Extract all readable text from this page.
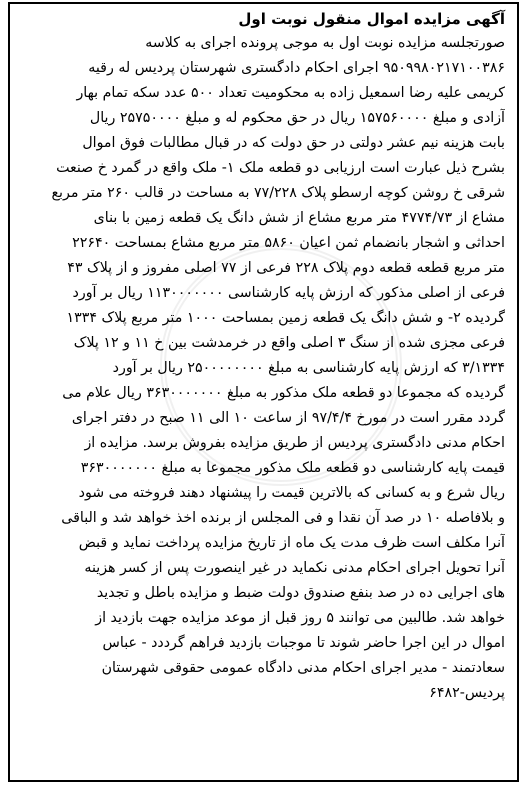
آگهی مزایده اموال منقول نوبت اول
صورتجلسه مزایده نوبت اول به موجی پرونده اجرای به کلاسه
۹۵۰۹۹۸۰۲۱۷۱۰۰۳۸۶ اجرای احکام دادگستری شهرستان پردیس له رقیه
کریمی علیه رضا اسمعیل زاده به محکومیت تعداد ۵۰۰ عدد سکه تمام بهار
آزادی و مبلغ ۱۵۷۵۶۰۰۰۰ ریال در حق محکوم له و مبلغ ۲۵۷۵۰۰۰۰ ریال
بابت هزینه نیم عشر دولتی در حق دولت که در قبال مطالبات فوق اموال
بشرح ذیل عبارت است ارزیابی دو قطعه ملک ۱- ملک واقع در گمرد خ صنعت
شرقی خ روشن کوچه ارسطو پلاک ۷۷/۲۲۸ به مساحت در قالب ۲۶۰ متر مربع
مشاع از ۴۷۷۴/۷۳ متر مربع مشاع از شش دانگ یک قطعه زمین با بنای
احداثی و اشجار بانضمام ثمن اعیان ۵۸۶۰ متر مربع مشاع بمساحت ۲۲۶۴۰
متر مربع قطعه قطعه دوم پلاک ۲۲۸ فرعی از ۷۷ اصلی مفروز و از پلاک ۴۳
فرعی از اصلی مذکور که ارزش پایه کارشناسی ۱۱۳۰۰۰۰۰۰۰ ریال بر آورد
گردیده ۲- و شش دانگ یک قطعه زمین بمساحت ۱۰۰۰ متر مربع پلاک ۱۳۳۴
فرعی مجزی شده از سنگ ۳ اصلی واقع در خرمدشت بین خ ۱۱ و ۱۲ پلاک
۳/۱۳۳۴ که ارزش پایه کارشناسی به مبلغ ۲۵۰۰۰۰۰۰۰۰ ریال بر آورد
گردیده که مجموعا دو قطعه ملک مذکور به مبلغ ۳۶۳۰۰۰۰۰۰۰ ریال علام می
گردد مقرر است در مورخ ۹۷/۴/۴ از ساعت ۱۰ الی ۱۱ صبح در دفتر اجرای
احکام مدنی دادگستری پردیس از طریق مزایده بفروش برسد. مزایده از
قیمت پایه کارشناسی دو قطعه ملک مذکور مجموعا به مبلغ ۳۶۳۰۰۰۰۰۰۰
ریال شرع و به کسانی که بالاترین قیمت را پیشنهاد دهند فروخته می شود
و بلافاصله ۱۰ در صد آن نقدا و فی المجلس از برنده اخذ خواهد شد و الباقی
آنرا مکلف است ظرف مدت یک ماه از تاریخ مزایده پرداخت نماید و قبض
آنرا تحویل اجرای احکام مدنی نکماید در غیر اینصورت پس از کسر هزینه
های اجرایی ده در صد بنفع صندوق دولت ضبط و مزایده باطل و تجدید
خواهد شد. طالبین می توانند ۵ روز قبل از موعد مزایده جهت بازدید از
اموال در این اجرا حاضر شوند تا موجبات بازدید فراهم گرددد - عباس
سعادتمند - مدیر اجرای احکام مدنی دادگاه عمومی حقوقی شهرستان
پردیس-۶۴۸۲
